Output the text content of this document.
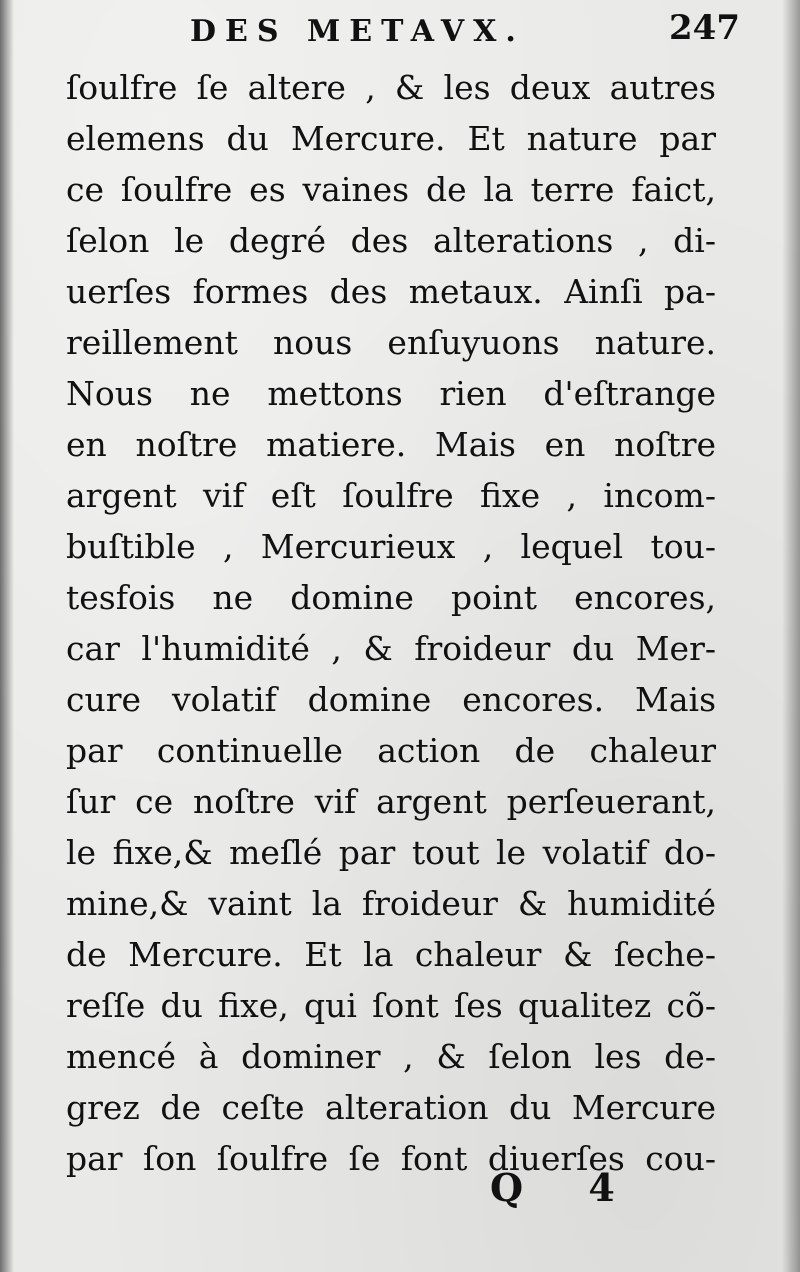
DES METAVX.	247
ſoulfre ſe altere , & les deux autres
elemens du Mercure. Et nature par
ce ſoulfre es vaines de la terre faict,
ſelon le degré des alterations , di-
uerſes formes des metaux. Ainſi pa-
reillement nous enſuyuons nature.
Nous ne mettons rien d'eſtrange
en noſtre matiere. Mais en noſtre
argent vif eſt ſoulfre fixe , incom-
buſtible , Mercurieux , lequel tou-
tesfois ne domine point encores,
car l'humidité , & froideur du Mer-
cure volatif domine encores. Mais
par continuelle action de chaleur
ſur ce noſtre vif argent perſeuerant,
le fixe,& meſlé par tout le volatif do-
mine,& vaint la froideur & humidité
de Mercure. Et la chaleur & ſeche-
reſſe du fixe, qui ſont ſes qualitez cõ-
mencé à dominer , & ſelon les de-
grez de ceſte alteration du Mercure
par ſon ſoulfre ſe font diuerſes cou-
Q 4
